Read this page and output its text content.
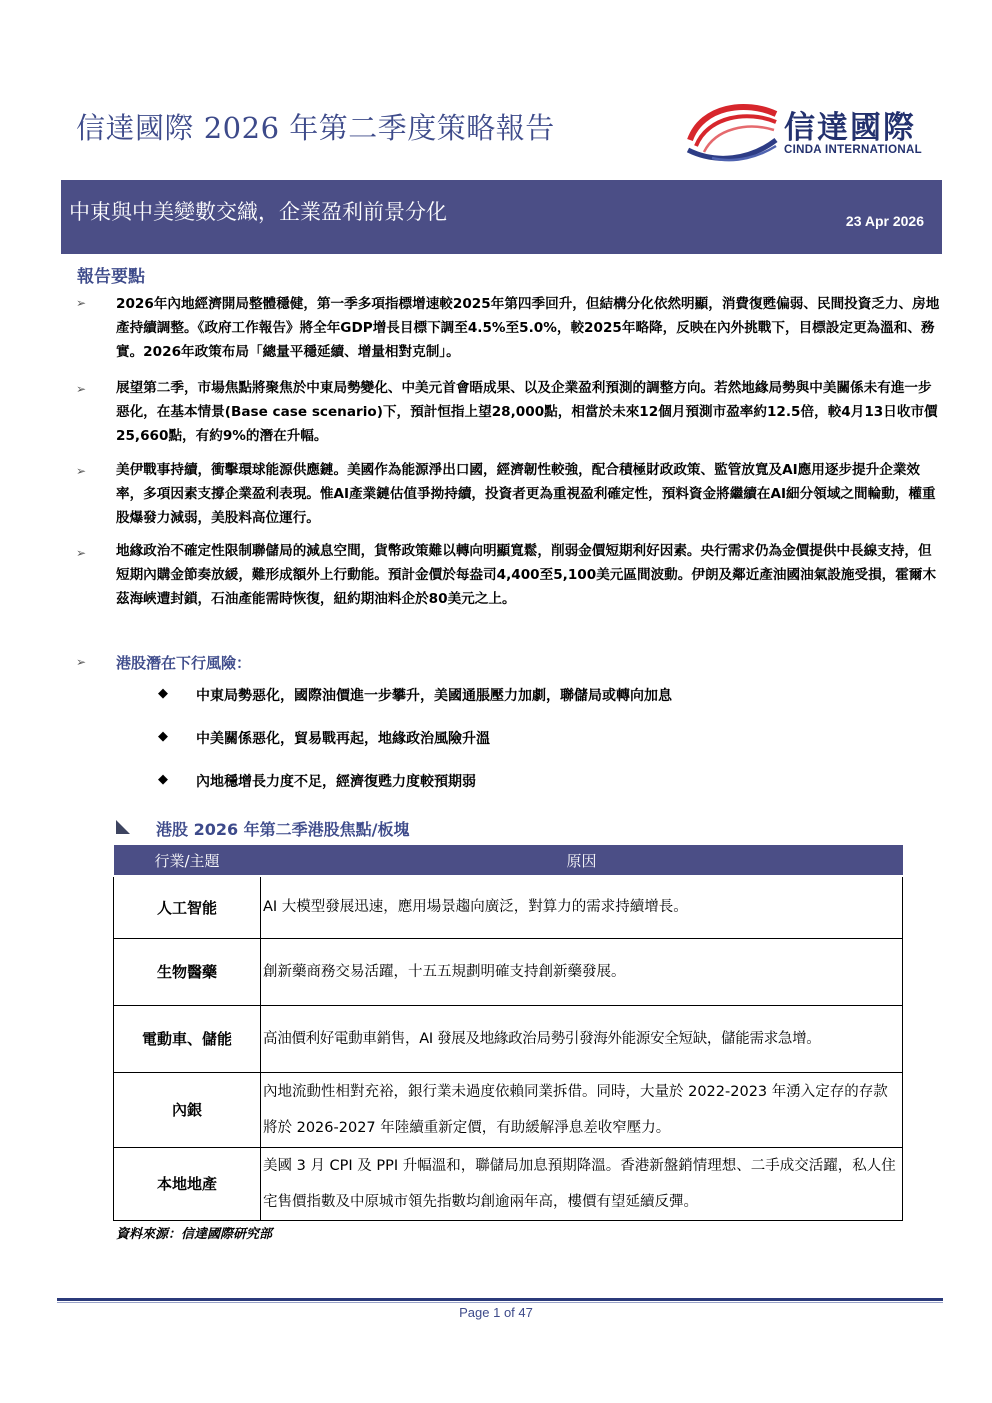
信達國際 2026 年第二季度策略報告	信達國際
CINDA INTERNATIONAL
中東與中美變數交織，企業盈利前景分化	23 Apr 2026
報告要點
➢ 2026年內地經濟開局整體穩健，第一季多項指標增速較2025年第四季回升，但結構分化依然明顯，消費復甦偏弱、民間投資乏力、房地產持續調整。《政府工作報告》將全年GDP增長目標下調至4.5%至5.0%，較2025年略降，反映在內外挑戰下，目標設定更為溫和、務實。2026年政策布局「總量平穩延續、增量相對克制」。
➢ 展望第二季，市場焦點將聚焦於中東局勢變化、中美元首會晤成果、以及企業盈利預測的調整方向。若然地緣局勢與中美關係未有進一步惡化，在基本情景(Base case scenario)下，預計恒指上望28,000點，相當於未來12個月預測市盈率約12.5倍，較4月13日收市價25,660點，有約9%的潛在升幅。
➢ 美伊戰事持續，衝擊環球能源供應鏈。美國作為能源淨出口國，經濟韌性較強，配合積極財政政策、監管放寬及AI應用逐步提升企業效率，多項因素支撐企業盈利表現。惟AI產業鏈估值爭拗持續，投資者更為重視盈利確定性，預料資金將繼續在AI細分領域之間輪動，權重股爆發力減弱，美股料高位運行。
➢ 地緣政治不確定性限制聯儲局的減息空間，貨幣政策難以轉向明顯寬鬆，削弱金價短期利好因素。央行需求仍為金價提供中長線支持，但短期內購金節奏放緩，難形成額外上行動能。預計金價於每盎司4,400至5,100美元區間波動。伊朗及鄰近產油國油氣設施受損，霍爾木茲海峽遭封鎖，石油產能需時恢復，紐約期油料企於80美元之上。
➢ 港股潛在下行風險：
◆ 中東局勢惡化，國際油價進一步攀升，美國通脹壓力加劇，聯儲局或轉向加息
◆ 中美關係惡化，貿易戰再起，地緣政治風險升溫
◆ 內地穩增長力度不足，經濟復甦力度較預期弱
港股 2026 年第二季港股焦點/板塊
行業/主題	原因
人工智能	AI 大模型發展迅速，應用場景趨向廣泛，對算力的需求持續增長。
生物醫藥	創新藥商務交易活躍，十五五規劃明確支持創新藥發展。
電動車、儲能	高油價利好電動車銷售，AI 發展及地緣政治局勢引發海外能源安全短缺，儲能需求急增。
內銀	內地流動性相對充裕，銀行業未過度依賴同業拆借。同時，大量於 2022-2023 年湧入定存的存款將於 2026-2027 年陸續重新定價，有助緩解淨息差收窄壓力。
本地地產	美國 3 月 CPI 及 PPI 升幅溫和，聯儲局加息預期降溫。香港新盤銷情理想、二手成交活躍，私人住宅售價指數及中原城市領先指數均創逾兩年高，樓價有望延續反彈。
資料來源：信達國際研究部
Page 1 of 47
